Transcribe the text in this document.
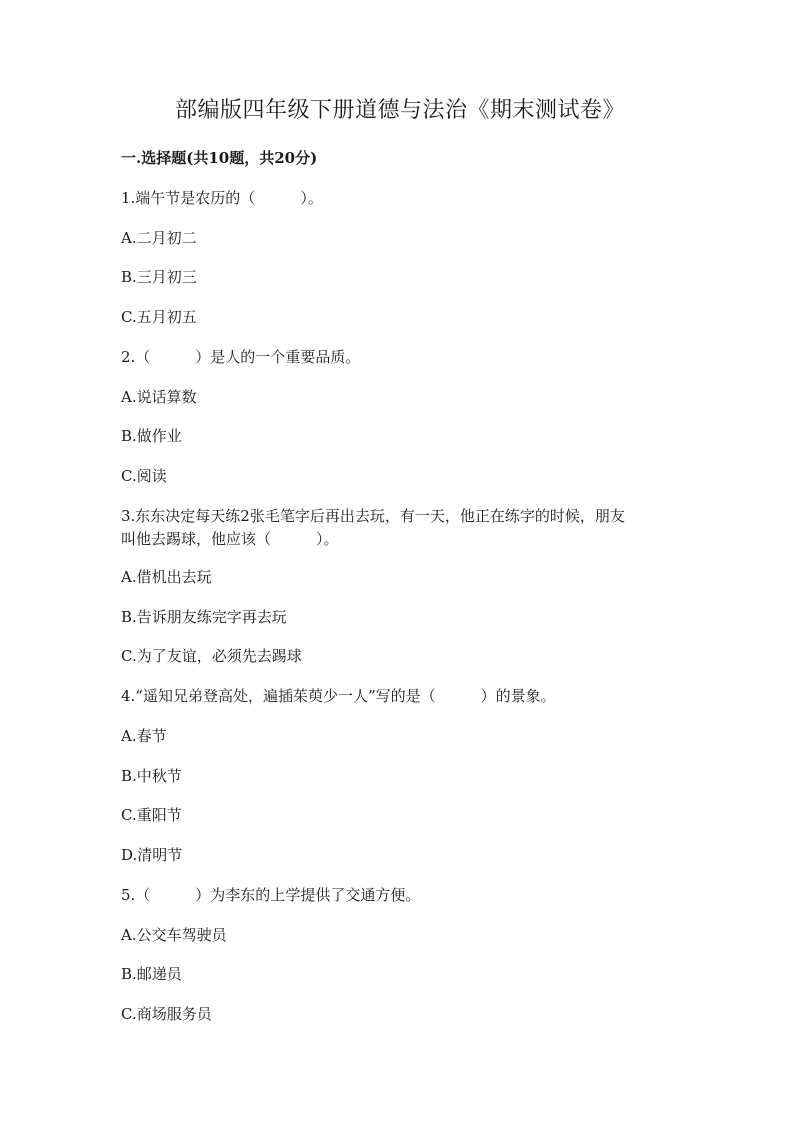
部编版四年级下册道德与法治《期末测试卷》

一.选择题(共10题，共20分)

1.端午节是农历的（　　　）。

A.二月初二

B.三月初三

C.五月初五

2.（　　　）是人的一个重要品质。

A.说话算数

B.做作业

C.阅读

3.东东决定每天练2张毛笔字后再出去玩，有一天，他正在练字的时候，朋友

叫他去踢球，他应该（　　　）。

A.借机出去玩

B.告诉朋友练完字再去玩

C.为了友谊，必须先去踢球

4.“遥知兄弟登高处，遍插茱萸少一人”写的是（　　　）的景象。

A.春节

B.中秋节

C.重阳节

D.清明节

5.（　　　）为李东的上学提供了交通方便。

A.公交车驾驶员

B.邮递员

C.商场服务员
